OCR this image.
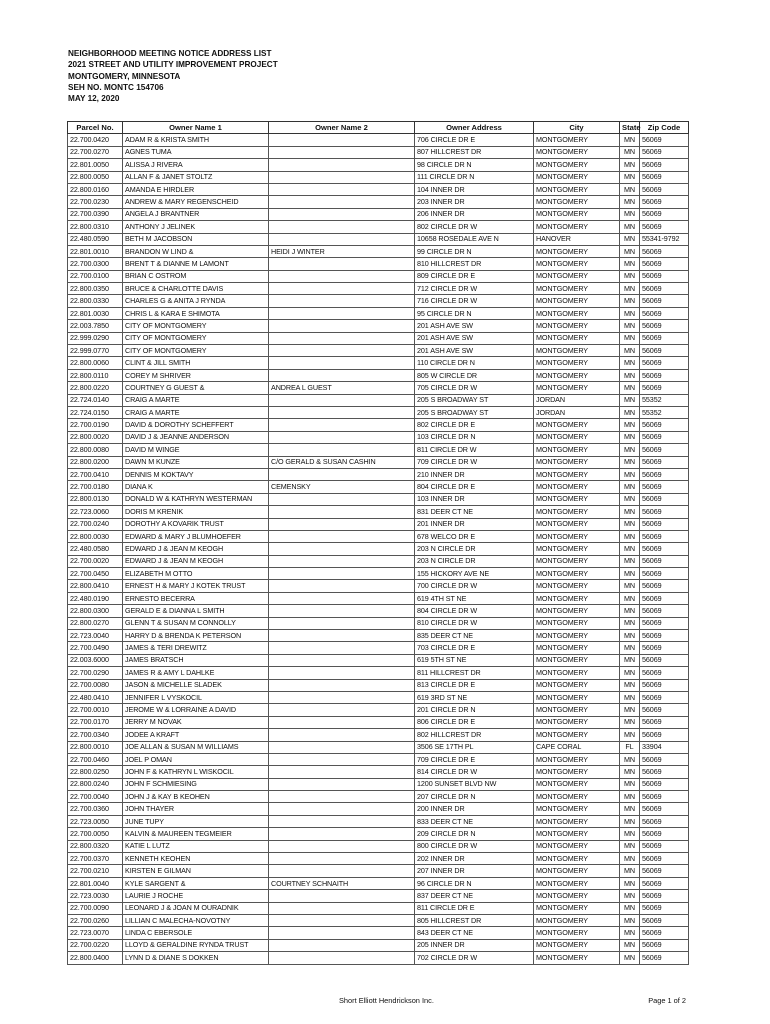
NEIGHBORHOOD MEETING NOTICE ADDRESS LIST
2021 STREET AND UTILITY IMPROVEMENT PROJECT
MONTGOMERY, MINNESOTA
SEH NO. MONTC 154706
MAY 12, 2020
Parcel No.	Owner Name 1	Owner Name 2	Owner Address	City	State	Zip Code
22.700.0420	ADAM R & KRISTA SMITH		706 CIRCLE DR E	MONTGOMERY	MN	56069
22.700.0270	AGNES TUMA		807 HILLCREST DR	MONTGOMERY	MN	56069
22.801.0050	ALISSA J RIVERA		98 CIRCLE DR N	MONTGOMERY	MN	56069
22.800.0050	ALLAN F & JANET STOLTZ		111 CIRCLE DR N	MONTGOMERY	MN	56069
22.800.0160	AMANDA E HIRDLER		104 INNER DR	MONTGOMERY	MN	56069
22.700.0230	ANDREW & MARY REGENSCHEID		203 INNER DR	MONTGOMERY	MN	56069
22.700.0390	ANGELA J BRANTNER		206 INNER DR	MONTGOMERY	MN	56069
22.800.0310	ANTHONY J JELINEK		802 CIRCLE DR W	MONTGOMERY	MN	56069
22.480.0590	BETH M JACOBSON		10658 ROSEDALE AVE N	HANOVER	MN	55341-9792
22.801.0010	BRANDON W LIND &	HEIDI J WINTER	99 CIRCLE DR N	MONTGOMERY	MN	56069
22.700.0300	BRENT T & DIANNE M LAMONT		810 HILLCREST DR	MONTGOMERY	MN	56069
22.700.0100	BRIAN C OSTROM		809 CIRCLE DR E	MONTGOMERY	MN	56069
22.800.0350	BRUCE & CHARLOTTE DAVIS		712 CIRCLE DR W	MONTGOMERY	MN	56069
22.800.0330	CHARLES G & ANITA J RYNDA		716 CIRCLE DR W	MONTGOMERY	MN	56069
22.801.0030	CHRIS L & KARA E SHIMOTA		95 CIRCLE DR N	MONTGOMERY	MN	56069
22.003.7850	CITY OF MONTGOMERY		201 ASH AVE SW	MONTGOMERY	MN	56069
22.999.0290	CITY OF MONTGOMERY		201 ASH AVE SW	MONTGOMERY	MN	56069
22.999.0770	CITY OF MONTGOMERY		201 ASH AVE SW	MONTGOMERY	MN	56069
22.800.0060	CLINT & JILL SMITH		110 CIRCLE DR N	MONTGOMERY	MN	56069
22.800.0110	COREY M SHRIVER		805 W CIRCLE DR	MONTGOMERY	MN	56069
22.800.0220	COURTNEY G GUEST &	ANDREA L GUEST	705 CIRCLE DR W	MONTGOMERY	MN	56069
22.724.0140	CRAIG A MARTE		205 S BROADWAY ST	JORDAN	MN	55352
22.724.0150	CRAIG A MARTE		205 S BROADWAY ST	JORDAN	MN	55352
22.700.0190	DAVID & DOROTHY SCHEFFERT		802 CIRCLE DR E	MONTGOMERY	MN	56069
22.800.0020	DAVID J & JEANNE ANDERSON		103 CIRCLE DR N	MONTGOMERY	MN	56069
22.800.0080	DAVID M WINGE		811 CIRCLE DR W	MONTGOMERY	MN	56069
22.800.0200	DAWN M KUNZE	C/O GERALD & SUSAN CASHIN	709 CIRCLE DR W	MONTGOMERY	MN	56069
22.700.0410	DENNIS M KOKTAVY		210 INNER DR	MONTGOMERY	MN	56069
22.700.0180	DIANA K	CEMENSKY	804 CIRCLE DR E	MONTGOMERY	MN	56069
22.800.0130	DONALD W & KATHRYN WESTERMAN		103 INNER DR	MONTGOMERY	MN	56069
22.723.0060	DORIS M KRENIK		831 DEER CT NE	MONTGOMERY	MN	56069
22.700.0240	DOROTHY A KOVARIK TRUST		201 INNER DR	MONTGOMERY	MN	56069
22.800.0030	EDWARD & MARY J BLUMHOEFER		678 WELCO DR E	MONTGOMERY	MN	56069
22.480.0580	EDWARD J & JEAN M KEOGH		203 N CIRCLE DR	MONTGOMERY	MN	56069
22.700.0020	EDWARD J & JEAN M KEOGH		203 N CIRCLE DR	MONTGOMERY	MN	56069
22.700.0450	ELIZABETH M OTTO		155 HICKORY AVE NE	MONTGOMERY	MN	56069
22.800.0410	ERNEST H & MARY J KOTEK TRUST		700 CIRCLE DR W	MONTGOMERY	MN	56069
22.480.0190	ERNESTO BECERRA		619 4TH ST NE	MONTGOMERY	MN	56069
22.800.0300	GERALD E & DIANNA L SMITH		804 CIRCLE DR W	MONTGOMERY	MN	56069
22.800.0270	GLENN T & SUSAN M CONNOLLY		810 CIRCLE DR W	MONTGOMERY	MN	56069
22.723.0040	HARRY D & BRENDA K PETERSON		835 DEER CT NE	MONTGOMERY	MN	56069
22.700.0490	JAMES & TERI DREWITZ		703 CIRCLE DR E	MONTGOMERY	MN	56069
22.003.6000	JAMES BRATSCH		619 5TH ST NE	MONTGOMERY	MN	56069
22.700.0290	JAMES R & AMY L DAHLKE		811 HILLCREST DR	MONTGOMERY	MN	56069
22.700.0080	JASON & MICHELLE SLADEK		813 CIRCLE DR E	MONTGOMERY	MN	56069
22.480.0410	JENNIFER L VYSKOCIL		619 3RD ST NE	MONTGOMERY	MN	56069
22.700.0010	JEROME W & LORRAINE A DAVID		201 CIRCLE DR N	MONTGOMERY	MN	56069
22.700.0170	JERRY M NOVAK		806 CIRCLE DR E	MONTGOMERY	MN	56069
22.700.0340	JODEE A KRAFT		802 HILLCREST DR	MONTGOMERY	MN	56069
22.800.0010	JOE ALLAN & SUSAN M WILLIAMS		3506 SE 17TH PL	CAPE CORAL	FL	33904
22.700.0460	JOEL P OMAN		709 CIRCLE DR E	MONTGOMERY	MN	56069
22.800.0250	JOHN F & KATHRYN L WISKOCIL		814 CIRCLE DR W	MONTGOMERY	MN	56069
22.800.0240	JOHN F SCHMIESING		1200 SUNSET BLVD NW	MONTGOMERY	MN	56069
22.700.0040	JOHN J & KAY B KEOHEN		207 CIRCLE DR N	MONTGOMERY	MN	56069
22.700.0360	JOHN THAYER		200 INNER DR	MONTGOMERY	MN	56069
22.723.0050	JUNE TUPY		833 DEER CT NE	MONTGOMERY	MN	56069
22.700.0050	KALVIN & MAUREEN TEGMEIER		209 CIRCLE DR N	MONTGOMERY	MN	56069
22.800.0320	KATIE L LUTZ		800 CIRCLE DR W	MONTGOMERY	MN	56069
22.700.0370	KENNETH KEOHEN		202 INNER DR	MONTGOMERY	MN	56069
22.700.0210	KIRSTEN E GILMAN		207 INNER DR	MONTGOMERY	MN	56069
22.801.0040	KYLE SARGENT &	COURTNEY SCHNAITH	96 CIRCLE DR N	MONTGOMERY	MN	56069
22.723.0030	LAURIE J ROCHE		837 DEER CT NE	MONTGOMERY	MN	56069
22.700.0090	LEONARD J & JOAN M OURADNIK		811 CIRCLE DR E	MONTGOMERY	MN	56069
22.700.0260	LILLIAN C MALECHA-NOVOTNY		805 HILLCREST DR	MONTGOMERY	MN	56069
22.723.0070	LINDA C EBERSOLE		843 DEER CT NE	MONTGOMERY	MN	56069
22.700.0220	LLOYD & GERALDINE RYNDA TRUST		205 INNER DR	MONTGOMERY	MN	56069
22.800.0400	LYNN D & DIANE S DOKKEN		702 CIRCLE DR W	MONTGOMERY	MN	56069
Short Elliott Hendrickson Inc.	Page 1 of 2
